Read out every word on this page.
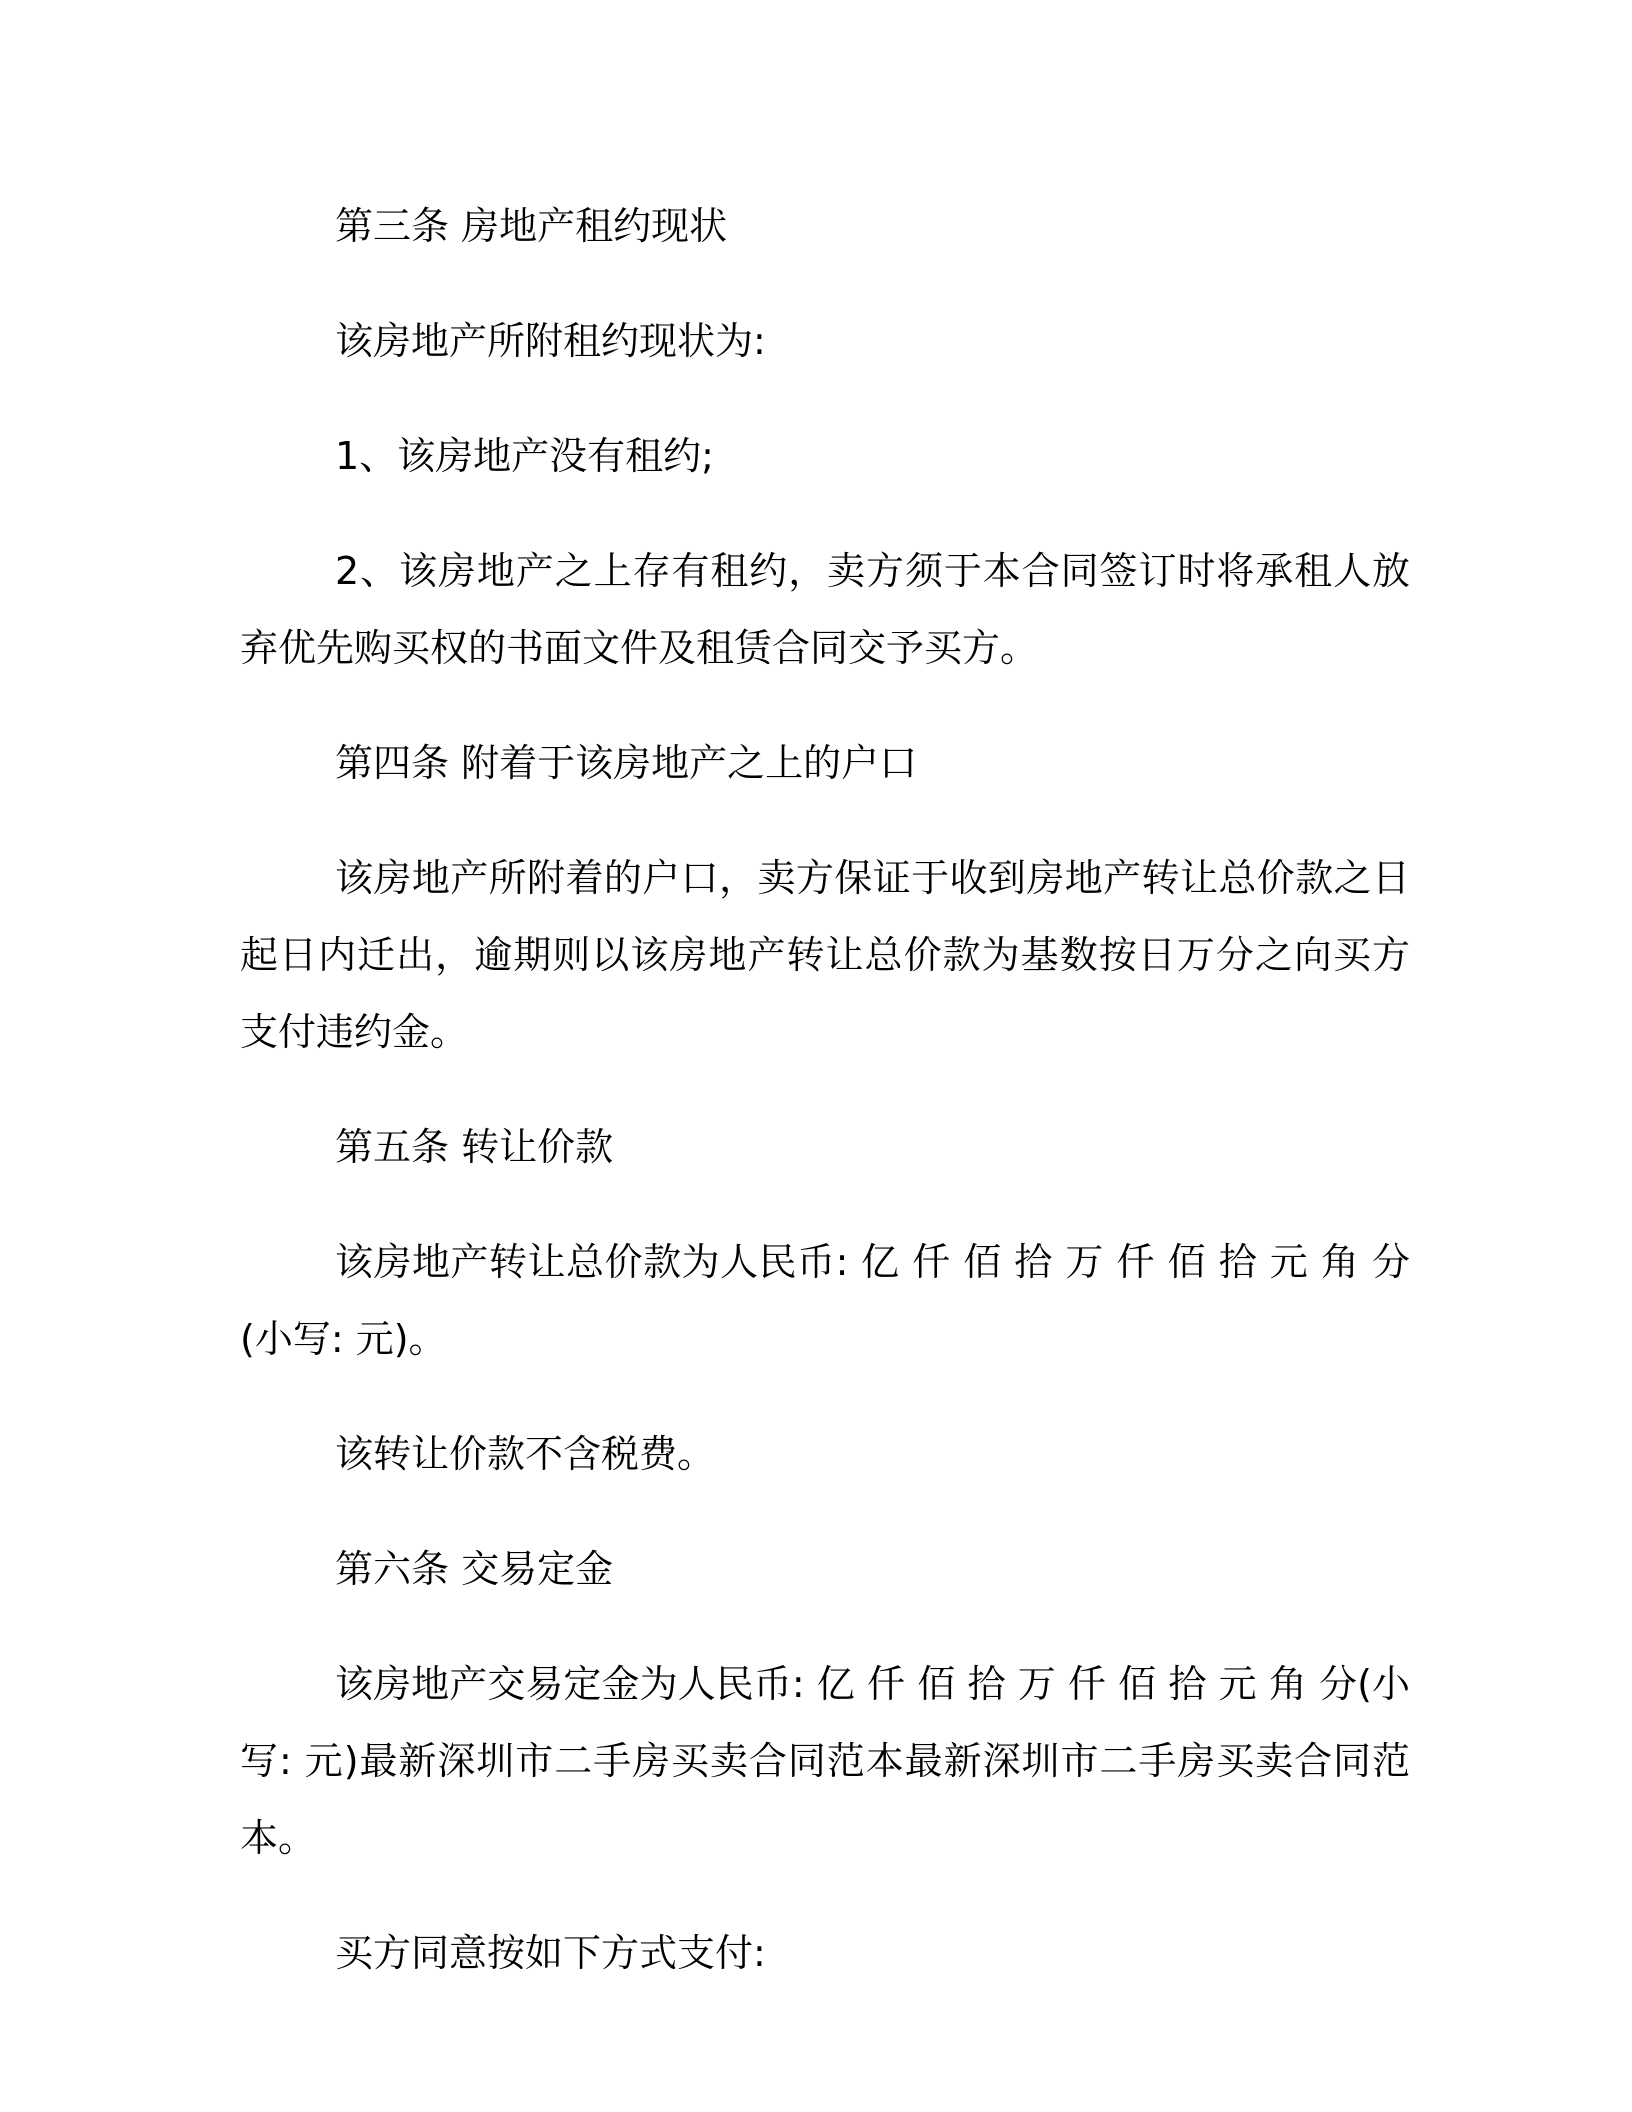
第三条 房地产租约现状

该房地产所附租约现状为:

1、该房地产没有租约;

2、该房地产之上存有租约，卖方须于本合同签订时将承租人放弃优先购买权的书面文件及租赁合同交予买方。

第四条 附着于该房地产之上的户口

该房地产所附着的户口，卖方保证于收到房地产转让总价款之日起日内迁出，逾期则以该房地产转让总价款为基数按日万分之向买方支付违约金。

第五条 转让价款

该房地产转让总价款为人民币: 亿 仟 佰 拾 万 仟 佰 拾 元 角 分(小写: 元)。

该转让价款不含税费。

第六条 交易定金

该房地产交易定金为人民币: 亿 仟 佰 拾 万 仟 佰 拾 元 角 分(小写: 元)最新深圳市二手房买卖合同范本最新深圳市二手房买卖合同范本。

买方同意按如下方式支付:
